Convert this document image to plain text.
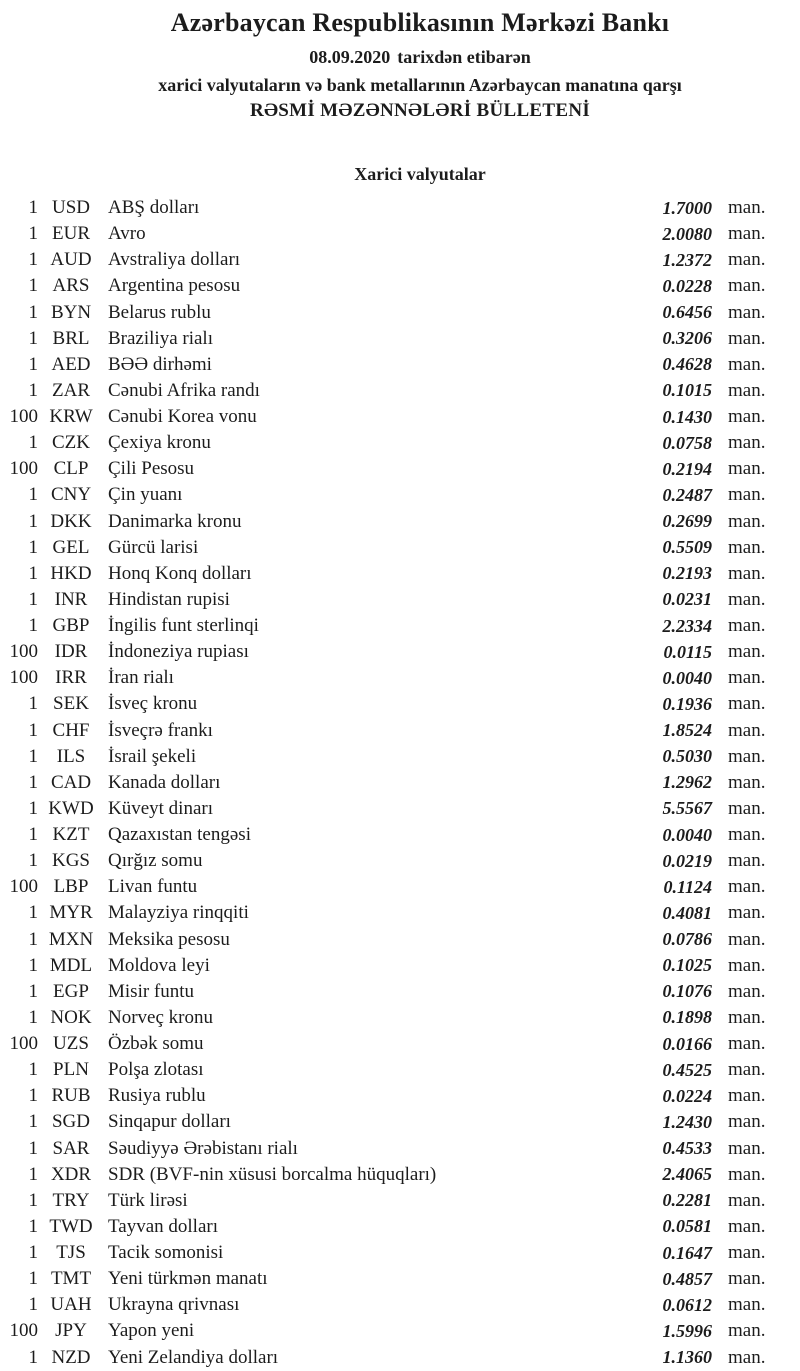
Azərbaycan Respublikasının Mərkəzi Bankı
08.09.2020 tarixdən etibarən
xarici valyutaların və bank metallarının Azərbaycan manatına qarşı
RƏSMİ MƏZƏNNƏLƏRİ BÜLLETENİ
Xarici valyutalar
1 USD ABŞ dolları	1.7000 man.
1 EUR Avro	2.0080 man.
1 AUD Avstraliya dolları	1.2372 man.
1 ARS Argentina pesosu	0.0228 man.
1 BYN Belarus rublu	0.6456 man.
1 BRL Braziliya rialı	0.3206 man.
1 AED BƏƏ dirhəmi	0.4628 man.
1 ZAR Cənubi Afrika randı	0.1015 man.
100 KRW Cənubi Korea vonu	0.1430 man.
1 CZK Çexiya kronu	0.0758 man.
100 CLP	Çili Pesosu	0.2194 man.
1 CNY Çin yuanı	0.2487 man.
1 DKK Danimarka kronu	0.2699 man.
1 GEL Gürcü larisi	0.5509 man.
1 HKD Honq Konq dolları	0.2193 man.
1 INR	Hindistan rupisi	0.0231 man.
1 GBP İngilis funt sterlinqi	2.2334 man.
100 IDR	İndoneziya rupiası	0.0115 man.
100 IRR	İran rialı	0.0040 man.
1 SEK	İsveç kronu	0.1936 man.
1 CHF İsveçrə frankı	1.8524 man.
1 ILS	İsrail şekeli	0.5030 man.
1 CAD Kanada dolları	1.2962 man.
1 KWD Küveyt dinarı	5.5567 man.
1 KZT Qazaxıstan tengəsi	0.0040 man.
1 KGS Qırğız somu	0.0219 man.
100 LBP	Livan funtu	0.1124 man.
1 MYR Malayziya rinqqiti	0.4081 man.
1 MXN Meksika pesosu	0.0786 man.
1 MDL Moldova leyi	0.1025 man.
1 EGP	Misir funtu	0.1076 man.
1 NOK Norveç kronu	0.1898 man.
100 UZS	Özbək somu	0.0166 man.
1 PLN	Polşa zlotası	0.4525 man.
1 RUB Rusiya rublu	0.0224 man.
1 SGD Sinqapur dolları	1.2430 man.
1 SAR Səudiyyə Ərəbistanı rialı	0.4533 man.
1 XDR SDR (BVF-nin xüsusi borcalma hüquqları)	2.4065 man.
1 TRY Türk lirəsi	0.2281 man.
1 TWD Tayvan dolları	0.0581 man.
1 TJS	Tacik somonisi	0.1647 man.
1 TMT Yeni türkmən manatı	0.4857 man.
1 UAH Ukrayna qrivnası	0.0612 man.
100 JPY	Yapon yeni	1.5996 man.
1 NZD Yeni Zelandiya dolları	1.1360 man.
